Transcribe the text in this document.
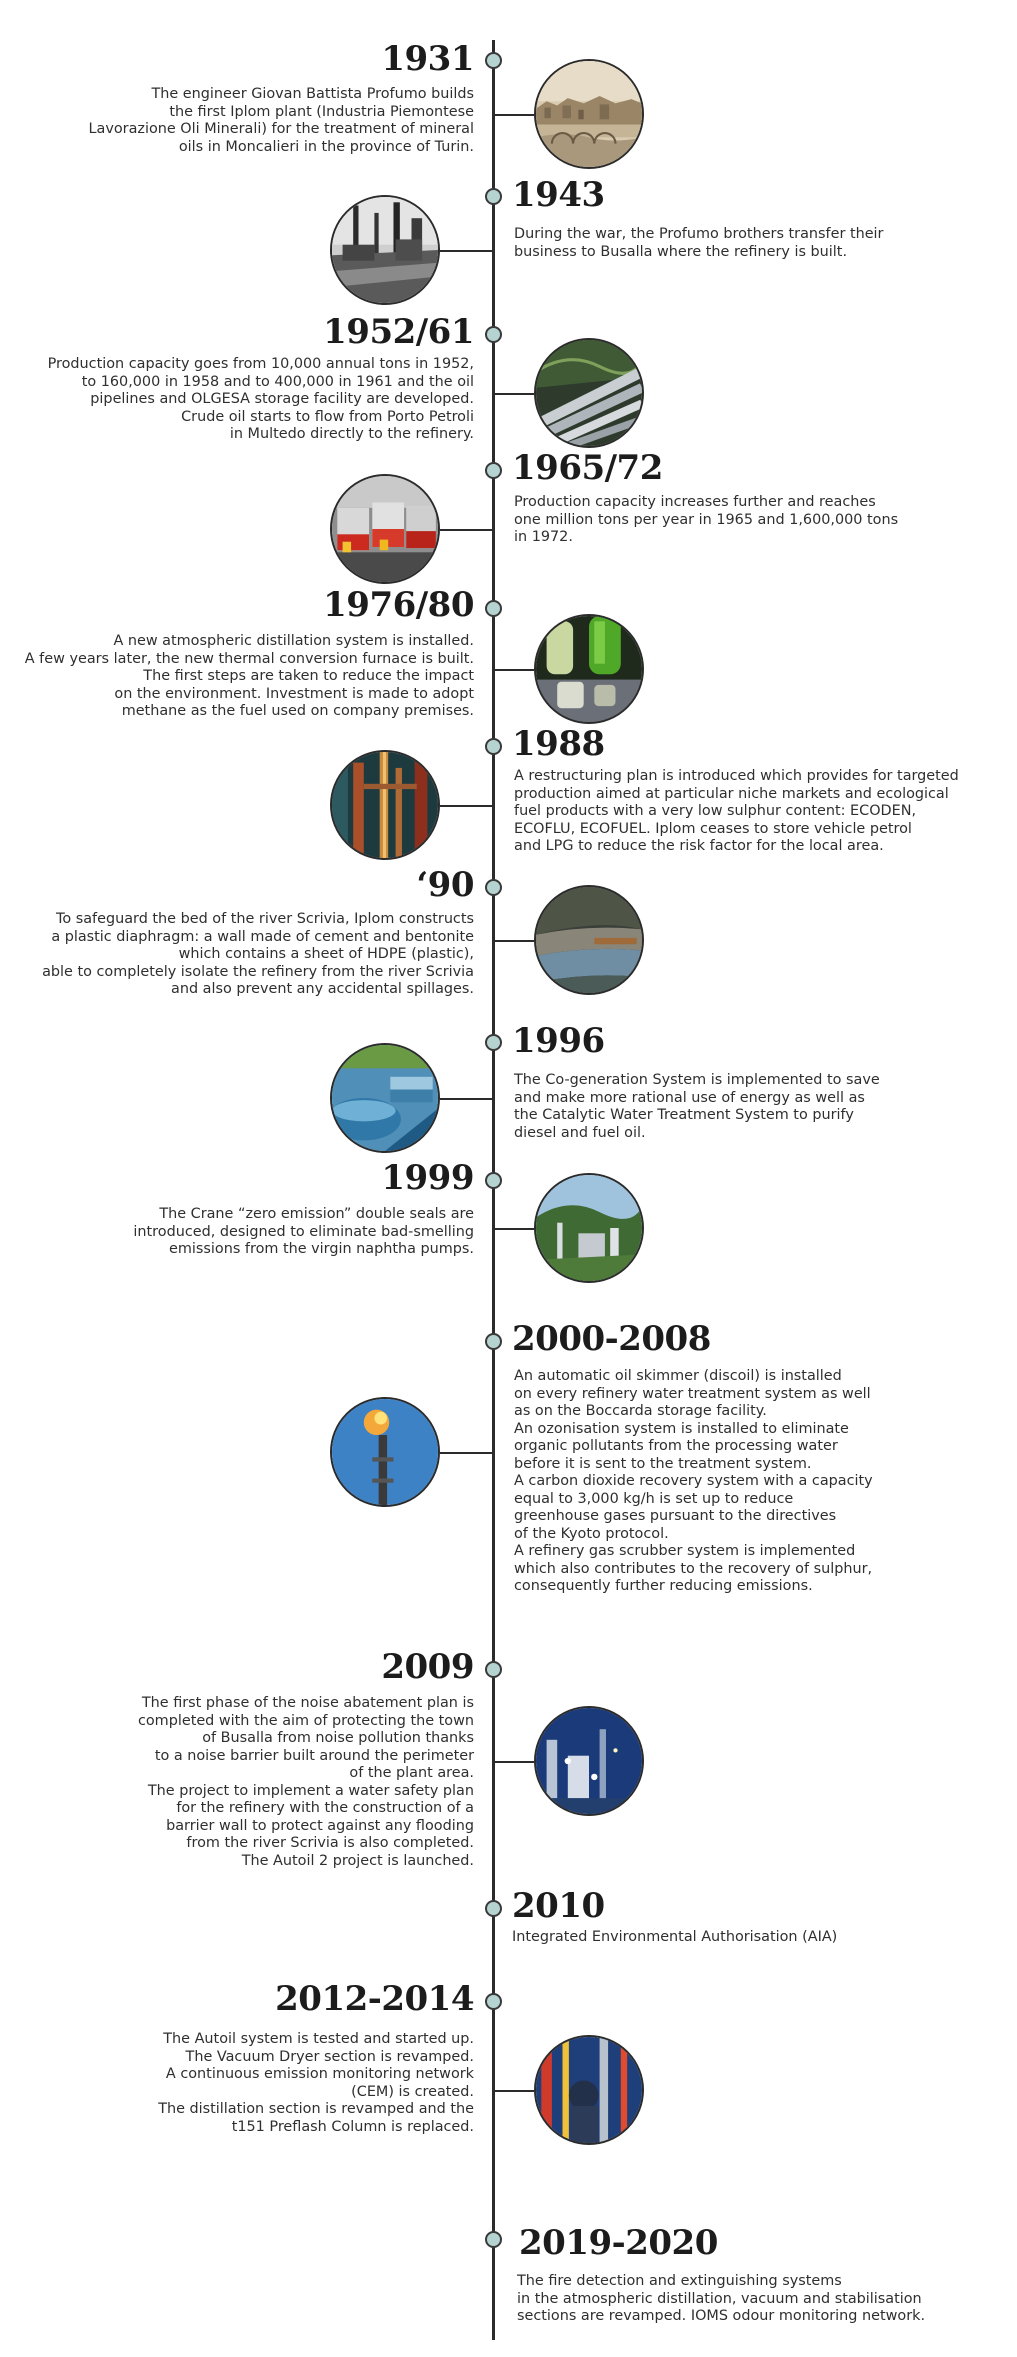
1931
The engineer Giovan Battista Profumo builds
the first Iplom plant (Industria Piemontese
Lavorazione Oli Minerali) for the treatment of mineral
oils in Moncalieri in the province of Turin.
1943
During the war, the Profumo brothers transfer their
business to Busalla where the refinery is built.
1952/61
Production capacity goes from 10,000 annual tons in 1952,
to 160,000 in 1958 and to 400,000 in 1961 and the oil
pipelines and OLGESA storage facility are developed.
Crude oil starts to flow from Porto Petroli
in Multedo directly to the refinery.
1965/72
Production capacity increases further and reaches
one million tons per year in 1965 and 1,600,000 tons
in 1972.
1976/80
A new atmospheric distillation system is installed.
A few years later, the new thermal conversion furnace is built.
The first steps are taken to reduce the impact
on the environment. Investment is made to adopt
methane as the fuel used on company premises.
1988
A restructuring plan is introduced which provides for targeted
production aimed at particular niche markets and ecological
fuel products with a very low sulphur content: ECODEN,
ECOFLU, ECOFUEL. Iplom ceases to store vehicle petrol
and LPG to reduce the risk factor for the local area.
‘90
To safeguard the bed of the river Scrivia, Iplom constructs
a plastic diaphragm: a wall made of cement and bentonite
which contains a sheet of HDPE (plastic),
able to completely isolate the refinery from the river Scrivia
and also prevent any accidental spillages.
1996
The Co-generation System is implemented to save
and make more rational use of energy as well as
the Catalytic Water Treatment System to purify
diesel and fuel oil.
1999
The Crane “zero emission” double seals are
introduced, designed to eliminate bad-smelling
emissions from the virgin naphtha pumps.
2000-2008
An automatic oil skimmer (discoil) is installed
on every refinery water treatment system as well
as on the Boccarda storage facility.
An ozonisation system is installed to eliminate
organic pollutants from the processing water
before it is sent to the treatment system.
A carbon dioxide recovery system with a capacity
equal to 3,000 kg/h is set up to reduce
greenhouse gases pursuant to the directives
of the Kyoto protocol.
A refinery gas scrubber system is implemented
which also contributes to the recovery of sulphur,
consequently further reducing emissions.
2009
The first phase of the noise abatement plan is
completed with the aim of protecting the town
of Busalla from noise pollution thanks
to a noise barrier built around the perimeter
of the plant area.
The project to implement a water safety plan
for the refinery with the construction of a
barrier wall to protect against any flooding
from the river Scrivia is also completed.
The Autoil 2 project is launched.
2010
Integrated Environmental Authorisation (AIA)
2012-2014
The Autoil system is tested and started up.
The Vacuum Dryer section is revamped.
A continuous emission monitoring network
(CEM) is created.
The distillation section is revamped and the
t151 Preflash Column is replaced.
2019-2020
The fire detection and extinguishing systems
in the atmospheric distillation, vacuum and stabilisation
sections are revamped. IOMS odour monitoring network.
